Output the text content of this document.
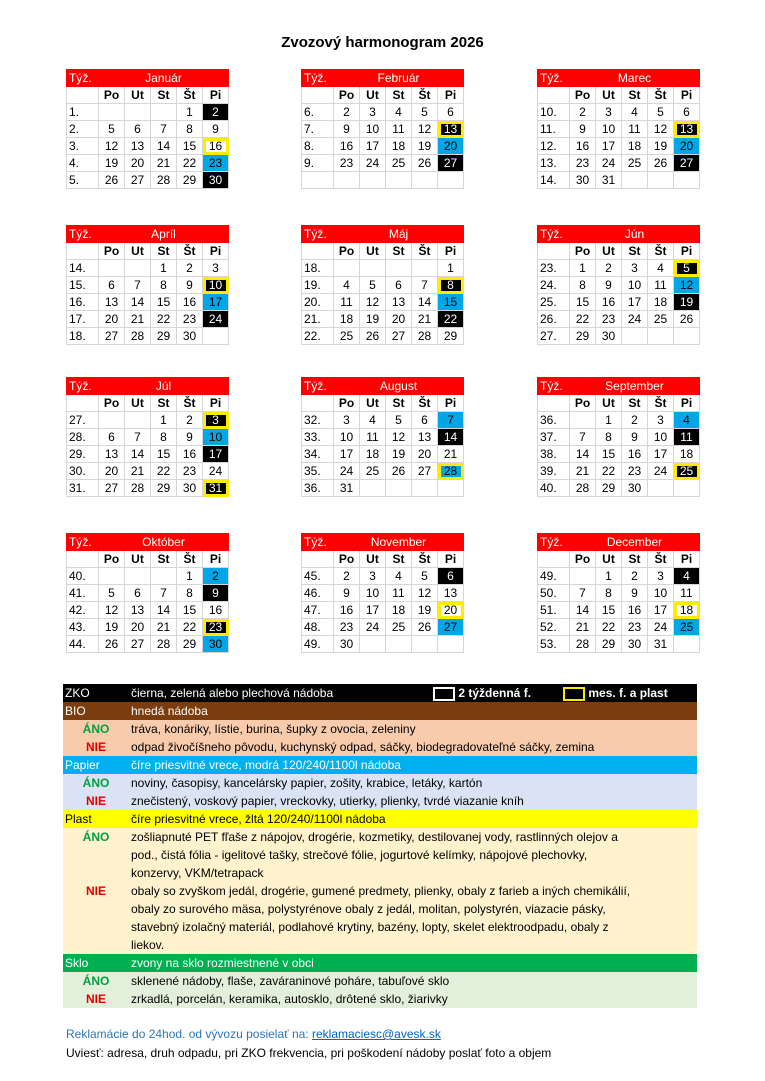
Zvozový harmonogram 2026
Týž.	Január				
	Po	Ut	St	Št	Pi
1.				1	2
2.	5	6	7	8	9
3.	12	13	14	15	16
4.	19	20	21	22	23
5.	26	27	28	29	30
Týž.	Február				
	Po	Ut	St	Št	Pi
6.	2	3	4	5	6
7.	9	10	11	12	13
8.	16	17	18	19	20
9.	23	24	25	26	27

Týž.	Marec				
	Po	Ut	St	Št	Pi
10.	2	3	4	5	6
11.	9	10	11	12	13
12.	16	17	18	19	20
13.	23	24	25	26	27
14.	30	31			
Týž.	Apríl				
	Po	Ut	St	Št	Pi
14.			1	2	3
15.	6	7	8	9	10
16.	13	14	15	16	17
17.	20	21	22	23	24
18.	27	28	29	30	
Týž.	Máj				
	Po	Ut	St	Št	Pi
18.					1
19.	4	5	6	7	8
20.	11	12	13	14	15
21.	18	19	20	21	22
22.	25	26	27	28	29
Týž.	Jún				
	Po	Ut	St	Št	Pi
23.	1	2	3	4	5
24.	8	9	10	11	12
25.	15	16	17	18	19
26.	22	23	24	25	26
27.	29	30			
Týž.	Júl				
	Po	Ut	St	Št	Pi
27.			1	2	3
28.	6	7	8	9	10
29.	13	14	15	16	17
30.	20	21	22	23	24
31.	27	28	29	30	31
Týž.	August				
	Po	Ut	St	Št	Pi
32.	3	4	5	6	7
33.	10	11	12	13	14
34.	17	18	19	20	21
35.	24	25	26	27	28
36.	31				
Týž.	September				
	Po	Ut	St	Št	Pi
36.		1	2	3	4
37.	7	8	9	10	11
38.	14	15	16	17	18
39.	21	22	23	24	25
40.	28	29	30		
Týž.	Október				
	Po	Ut	St	Št	Pi
40.				1	2
41.	5	6	7	8	9
42.	12	13	14	15	16
43.	19	20	21	22	23
44.	26	27	28	29	30
Týž.	November				
	Po	Ut	St	Št	Pi
45.	2	3	4	5	6
46.	9	10	11	12	13
47.	16	17	18	19	20
48.	23	24	25	26	27
49.	30				
Týž.	December				
	Po	Ut	St	Št	Pi
49.		1	2	3	4
50.	7	8	9	10	11
51.	14	15	16	17	18
52.	21	22	23	24	25
53.	28	29	30	31	
ZKO	čierna, zelená alebo plechová nádoba 2 týždenná f. mes. f. a plast

BIO	hnedá nádoba
ÁNO	tráva, konáriky, lístie, burina, šupky z ovocia, zeleniny
NIE	odpad živočíšneho pôvodu, kuchynský odpad, sáčky, biodegradovateľné sáčky, zemina
Papier	číre priesvitné vrece, modrá 120/240/1100l nádoba
ÁNO	noviny, časopisy, kancelársky papier, zošity, krabice, letáky, kartón
NIE	znečistený, voskový papier, vreckovky, utierky, plienky, tvrdé viazanie kníh
Plast	číre priesvitné vrece, žltá 120/240/1100l nádoba
ÁNO	zošliapnuté PET fľaše z nápojov, drogérie, kozmetiky, destilovanej vody, rastlinných olejov a
	pod., čistá fólia - igelitové tašky, strečové fólie, jogurtové kelímky, nápojové plechovky,
	konzervy, VKM/tetrapack
NIE	obaly so zvyškom jedál, drogérie, gumené predmety, plienky, obaly z farieb a iných chemikálií,
	obaly zo surového mäsa, polystyrénove obaly z jedál, molitan, polystyrén, viazacie pásky,
	stavebný izolačný materiál, podlahové krytiny, bazény, lopty, skelet elektroodpadu, obaly z
	liekov.
Sklo	zvony na sklo rozmiestnené v obci
ÁNO	sklenené nádoby, flaše, zaváraninové poháre, tabuľové sklo
NIE	zrkadlá, porcelán, keramika, autosklo, drôtené sklo, žiarivky
Reklamácie do 24hod. od vývozu posielať na: reklamaciesc@avesk.sk
Uviesť: adresa, druh odpadu, pri ZKO frekvencia, pri poškodení nádoby poslať foto a objem
